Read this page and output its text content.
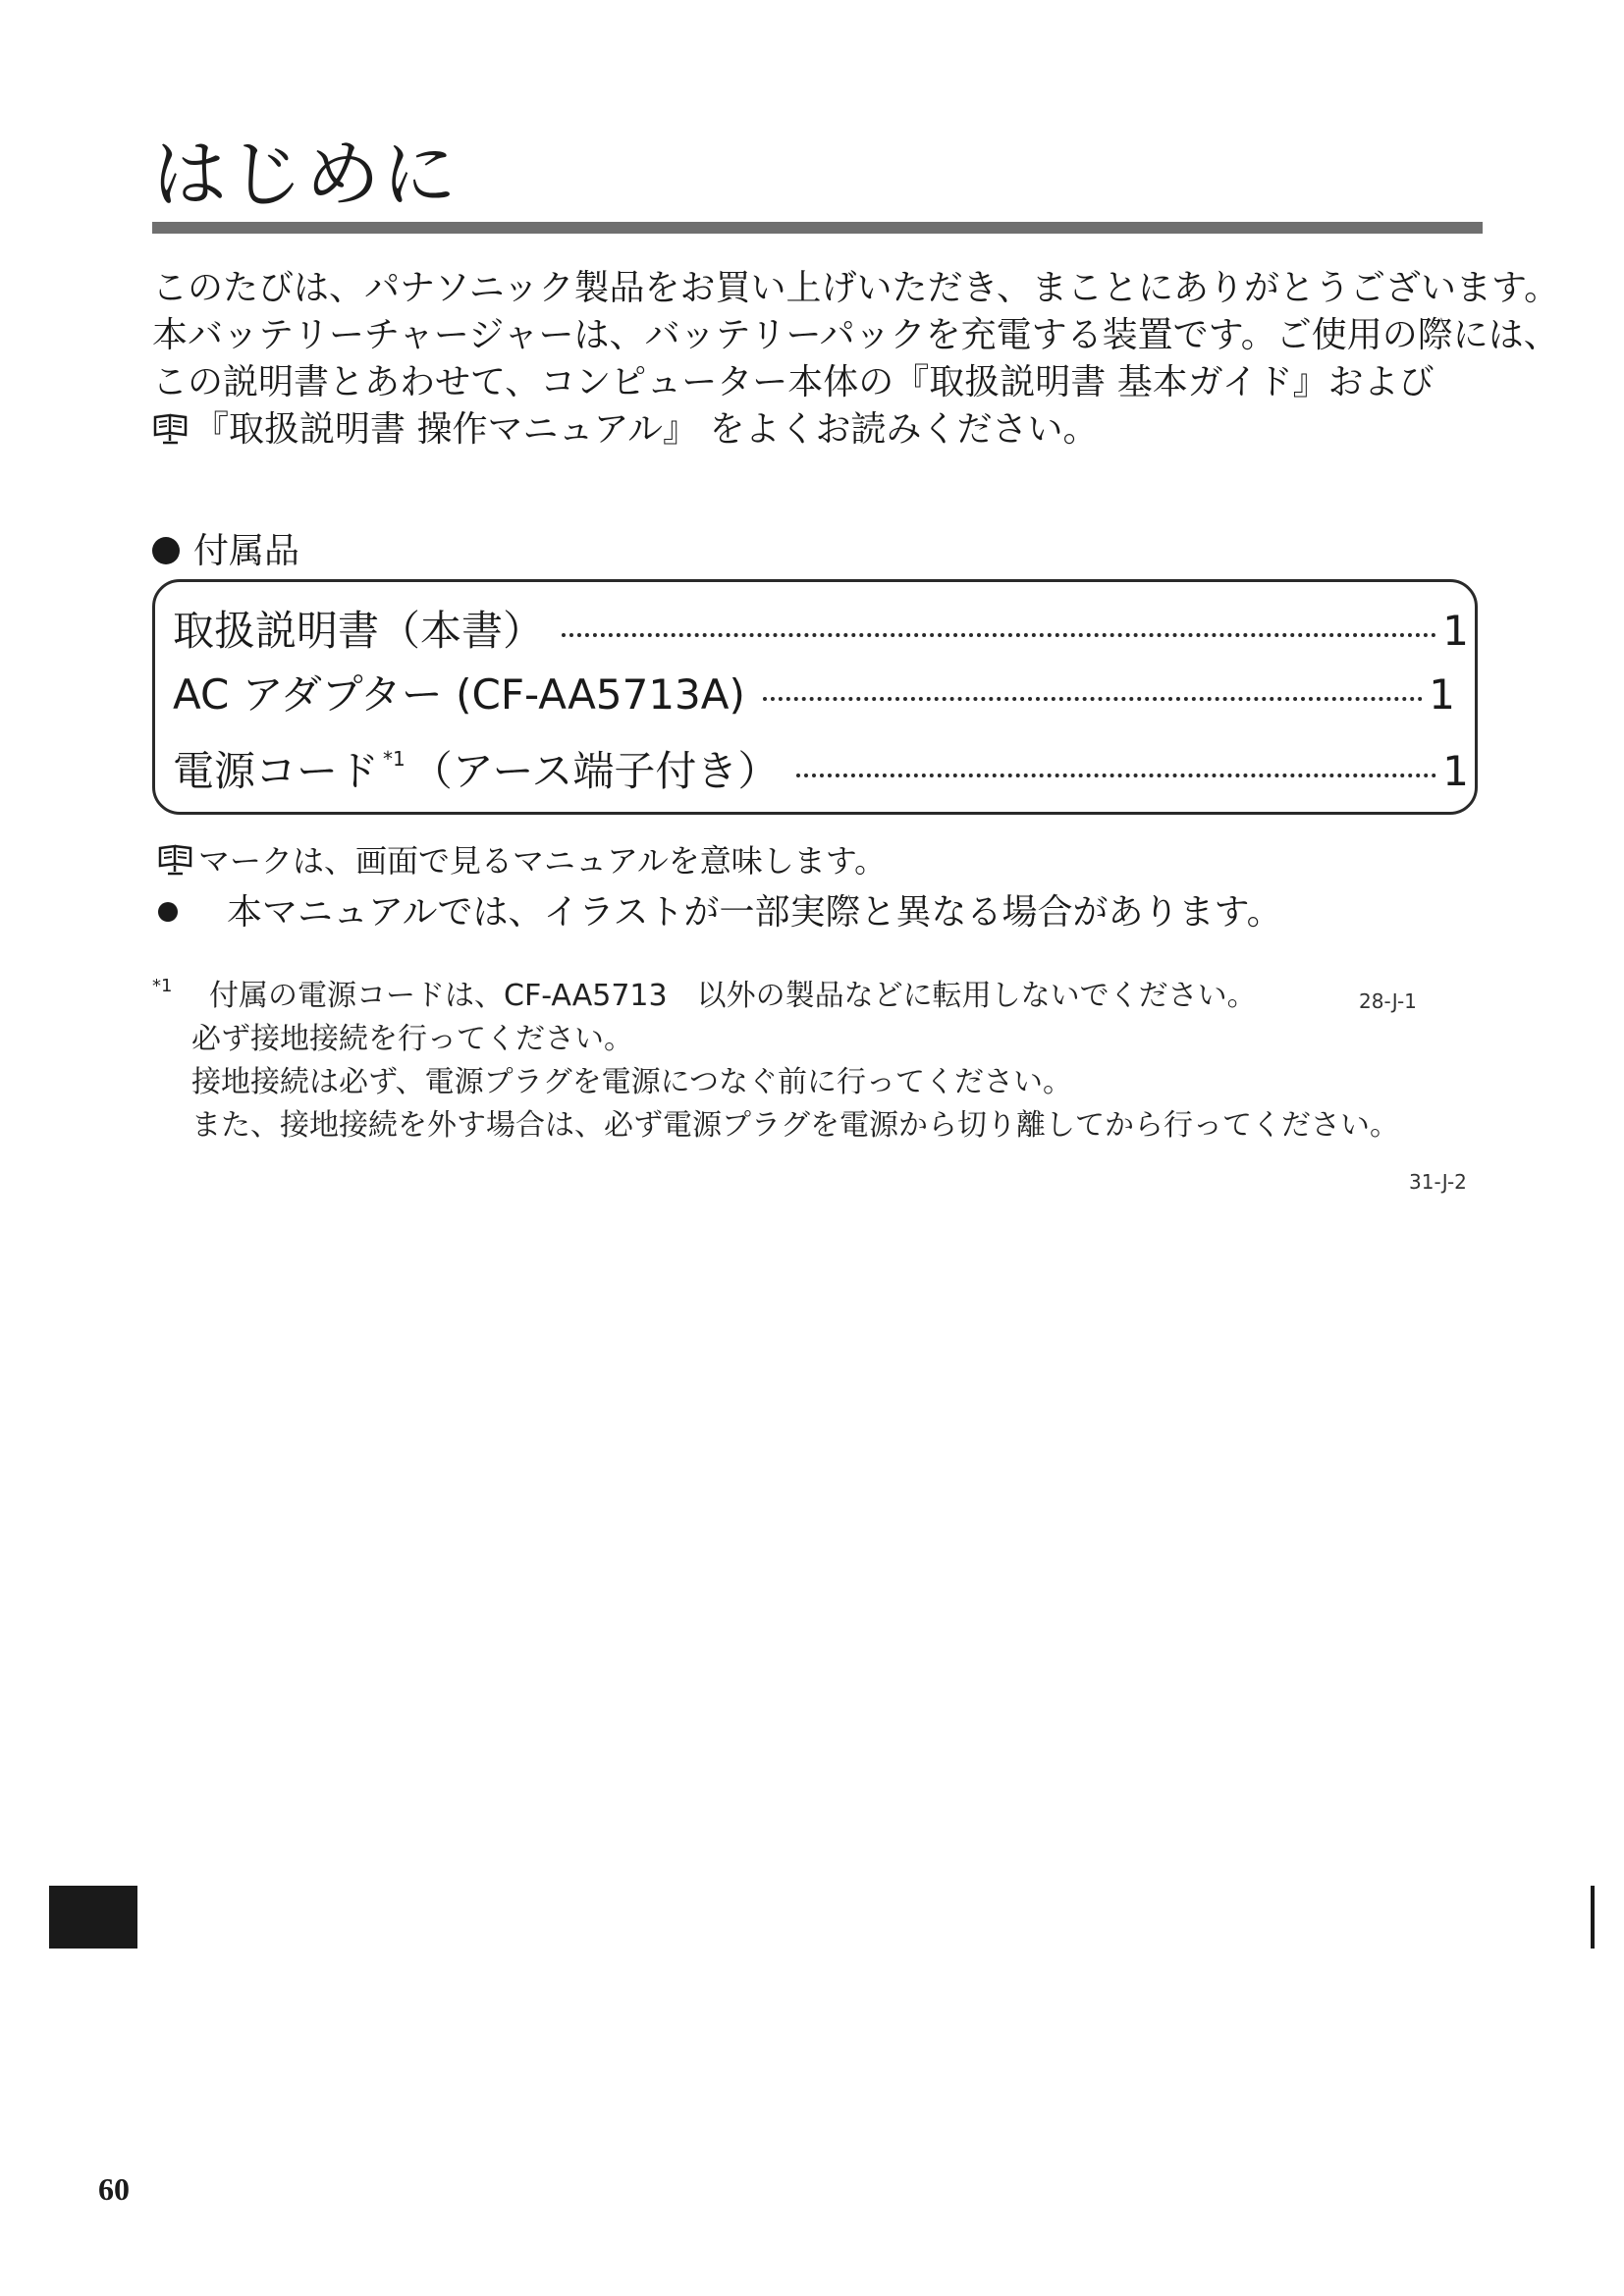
はじめに

このたびは、パナソニック製品をお買い上げいただき、まことにありがとうございます。

本バッテリーチャージャーは、バッテリーパックを充電する装置です。ご使用の際には、

この説明書とあわせて、コンピューター本体の『取扱説明書 基本ガイド』および

『取扱説明書 操作マニュアル』 をよくお読みください。

付属品
取扱説明書（本書）	1
AC アダプター (CF-AA5713A)	1
電源コード $^{*1}$ （アース端子付き）	1
マークは、画面で見るマニュアルを意味します。
本マニュアルでは、イラストが一部実際と異なる場合があります。
*1 付属の電源コードは、CF-AA5713　以外の製品などに転用しないでください。
必ず接地接続を行ってください。
接地接続は必ず、電源プラグを電源につなぐ前に行ってください。
また、接地接続を外す場合は、必ず電源プラグを電源から切り離してから行ってください。
28-J-1
31-J-2
60
